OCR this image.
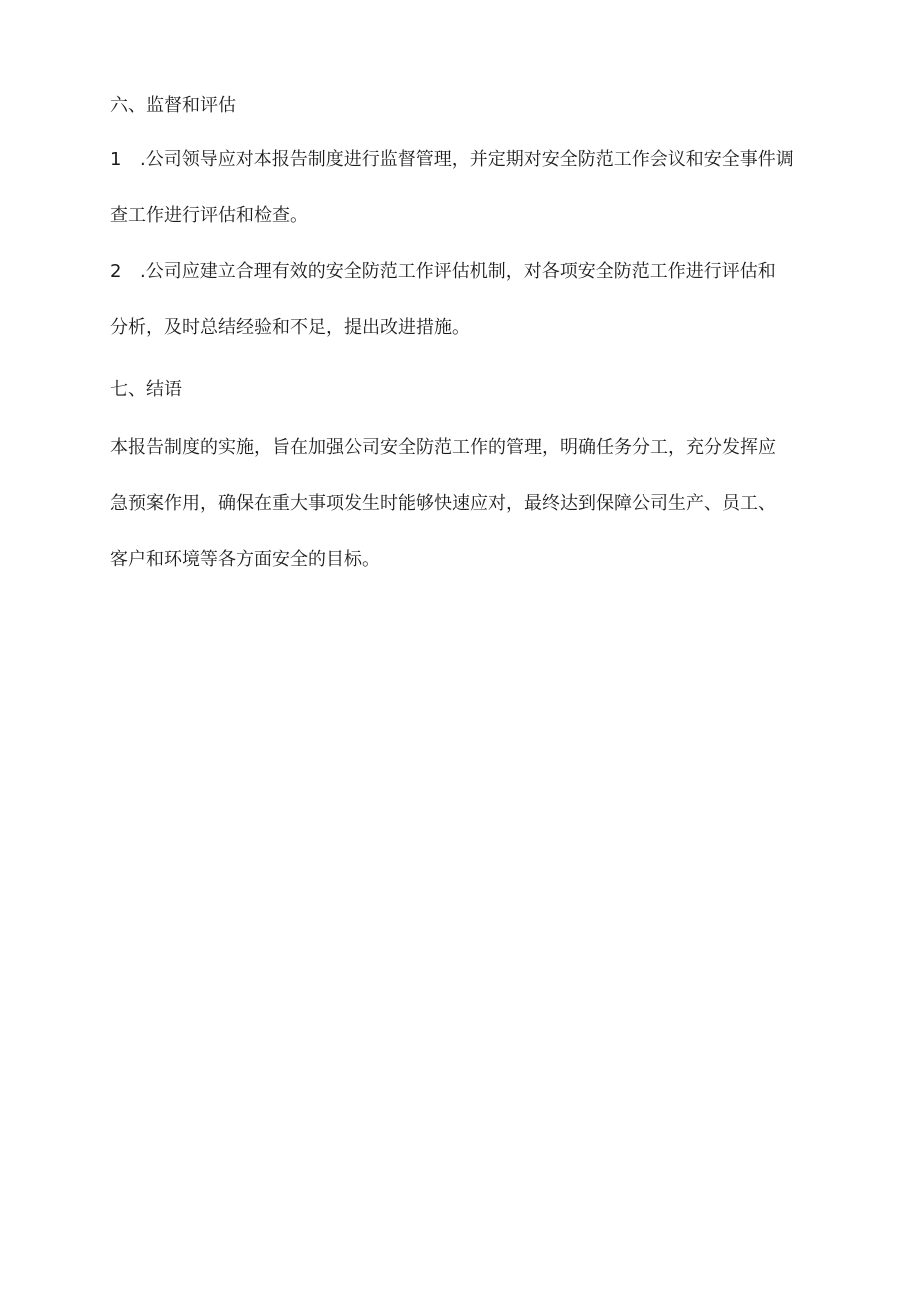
六、监督和评估

1 .公司领导应对本报告制度进行监督管理，并定期对安全防范工作会议和安全事件调

查工作进行评估和检查。

2 .公司应建立合理有效的安全防范工作评估机制，对各项安全防范工作进行评估和

分析，及时总结经验和不足，提出改进措施。

七、结语

本报告制度的实施，旨在加强公司安全防范工作的管理，明确任务分工，充分发挥应

急预案作用，确保在重大事项发生时能够快速应对，最终达到保障公司生产、员工、

客户和环境等各方面安全的目标。
